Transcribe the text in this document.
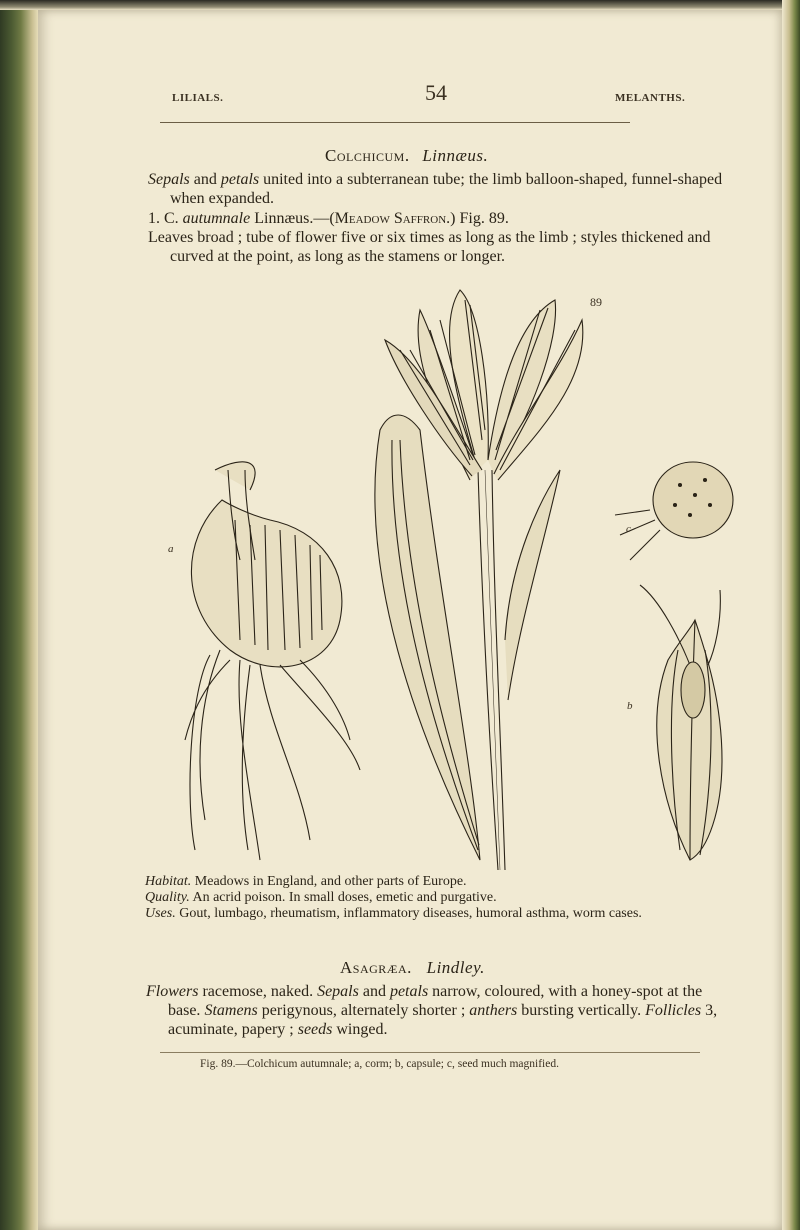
LILIALS.	54	MELANTHS.
Colchicum. Linnæus.
Sepals and petals united into a subterranean tube; the limb balloon-shaped, funnel-shaped when expanded.
1. C. autumnale Linnæus.—(Meadow Saffron.) Fig. 89.
Leaves broad ; tube of flower five or six times as long as the limb ; styles thickened and curved at the point, as long as the stamens or longer.
89
a
c
b
Habitat. Meadows in England, and other parts of Europe.
Quality. An acrid poison. In small doses, emetic and purgative.
Uses. Gout, lumbago, rheumatism, inflammatory diseases, humoral asthma, worm cases.
Asagræa. Lindley.
Flowers racemose, naked. Sepals and petals narrow, coloured, with a honey-spot at the base. Stamens perigynous, alternately shorter ; anthers bursting vertically. Follicles 3, acuminate, papery ; seeds winged.
Fig. 89.—Colchicum autumnale; a, corm; b, capsule; c, seed much magnified.
